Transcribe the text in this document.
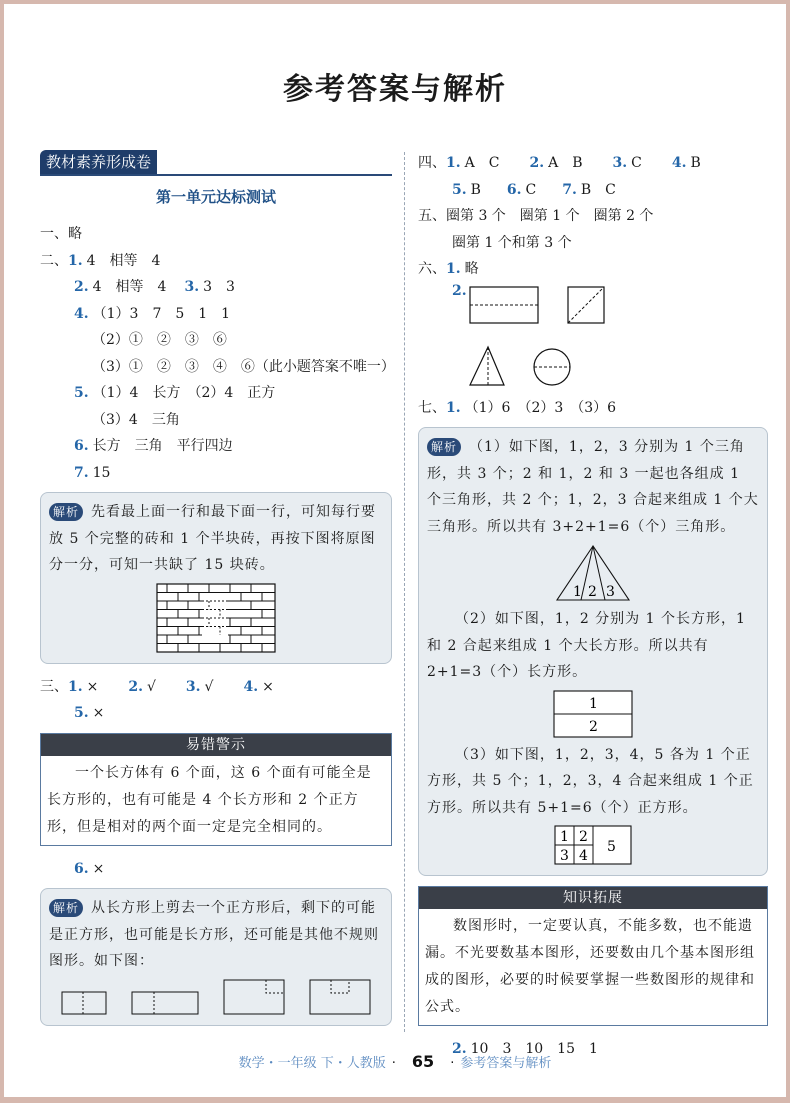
参考答案与解析
教材素养形成卷
第一单元达标测试
一、略
二、1. 4　相等　4
2. 4　相等　4 3. 3　3
4. （1）3　7　5　1　1
（2）①　②　③　⑥
（3）①　②　③　④　⑥（此小题答案不唯一）
5. （1）4　长方　（2）4　正方
（3）4　三角
6. 长方　三角　平行四边
7. 15
解析 先看最上面一行和最下面一行，可知每行要放 5 个完整的砖和 1 个半块砖，再按下图将原图分一分，可知一共缺了 15 块砖。
三、1. × 2. √ 3. √ 4. ×
5. ×
易错警示
一个长方体有 6 个面，这 6 个面有可能全是长方形的，也有可能是 4 个长方形和 2 个正方形，但是相对的两个面一定是完全相同的。
6. ×
解析 从长方形上剪去一个正方形后，剩下的可能是正方形，也可能是长方形，还可能是其他不规则图形。如下图：
四、1. A　C 2. A　B 3. C 4. B
5. B 6. C 7. B　C
五、圈第 3 个　圈第 1 个　圈第 2 个
圈第 1 个和第 3 个
六、1. 略
2.
七、1. （1）6　（2）3　（3）6
解析 （1）如下图，1，2，3 分别为 1 个三角形，共 3 个；2 和 1，2 和 3 一起也各组成 1 个三角形，共 2 个；1，2，3 合起来组成 1 个大三角形。所以共有 3+2+1=6（个）三角形。
1 2 3
（2）如下图，1，2 分别为 1 个长方形，1 和 2 合起来组成 1 个大长方形。所以共有 2+1=3（个）长方形。
1
2
（3）如下图，1，2，3，4，5 各为 1 个正方形，共 5 个；1，2，3，4 合起来组成 1 个正方形。所以共有 5+1=6（个）正方形。
1 2
3 4
5
知识拓展
数图形时，一定要认真，不能多数，也不能遗漏。不光要数基本图形，还要数由几个基本图形组成的图形，必要的时候要掌握一些数图形的规律和公式。
2. 10　3　10　15　1
数学・一年级 下・人教版 · 65 · 参考答案与解析
